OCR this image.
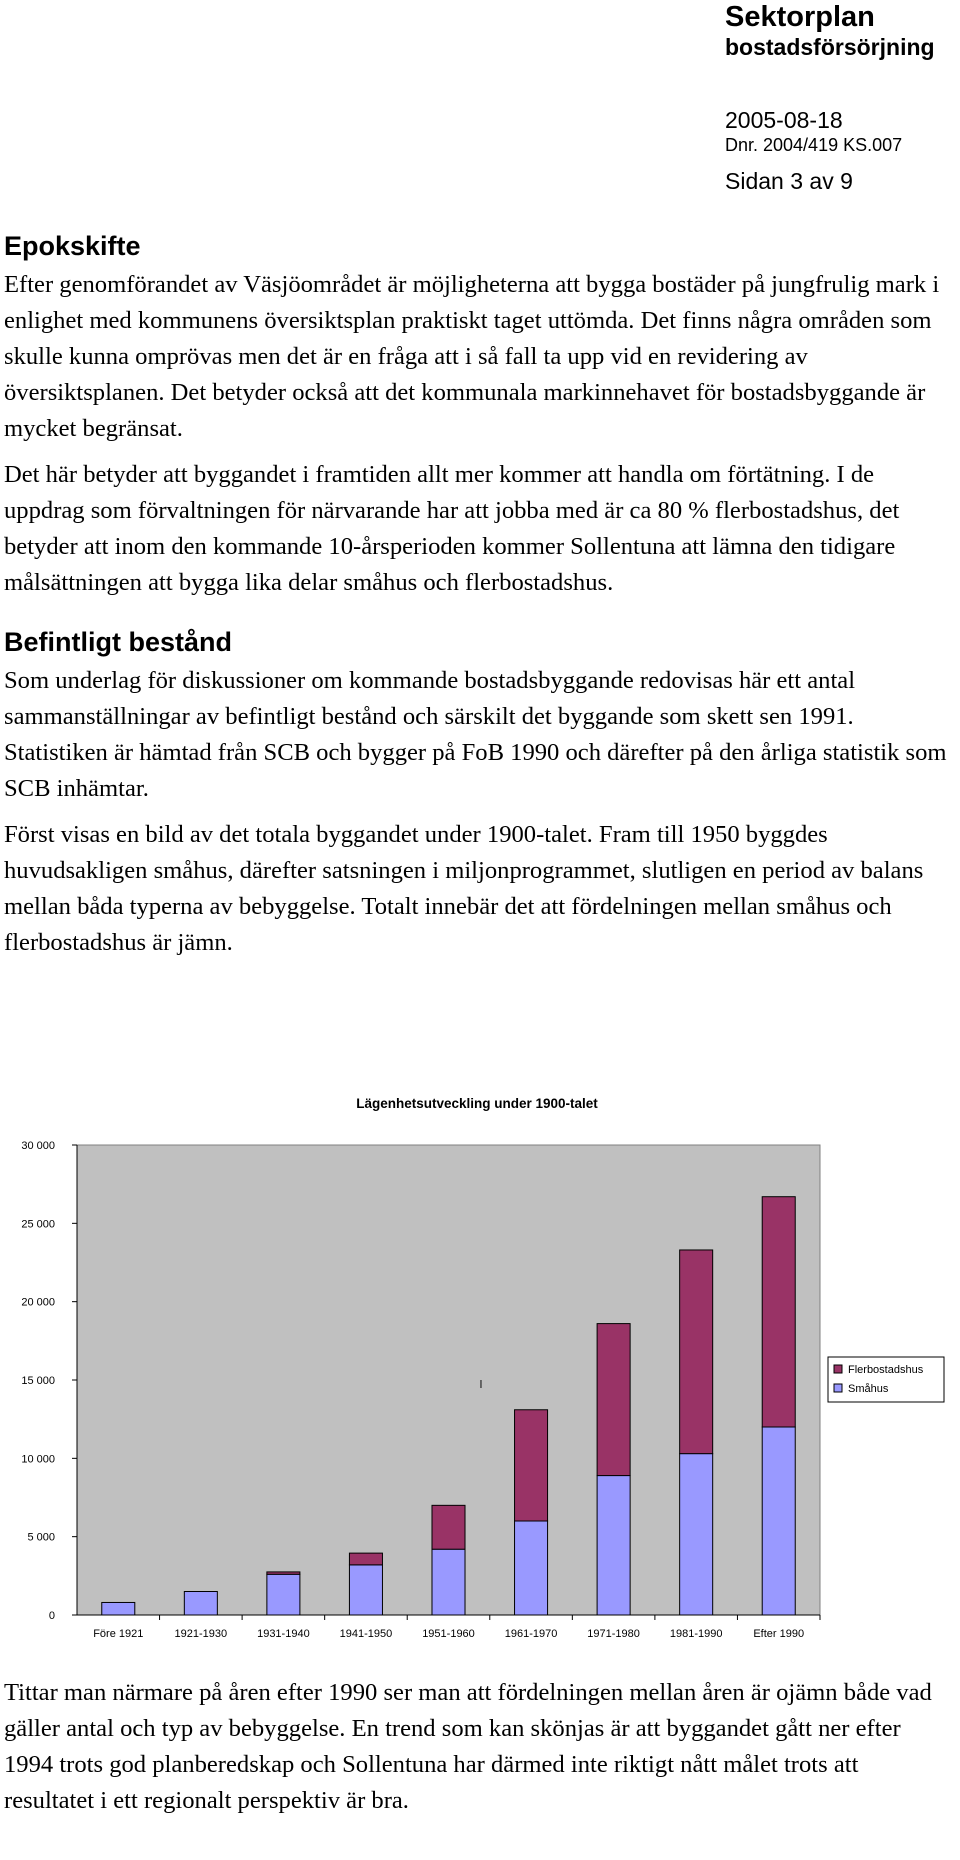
Sektorplan
bostadsförsörjning
2005-08-18
Dnr. 2004/419 KS.007
Sidan 3 av 9
Epokskifte

Efter genomförandet av Väsjöområdet är möjligheterna att bygga bostäder på jungfrulig mark i enlighet med kommunens översiktsplan praktiskt taget uttömda. Det finns några områden som skulle kunna omprövas men det är en fråga att i så fall ta upp vid en revidering av översiktsplanen. Det betyder också att det kommunala markinnehavet för bostadsbyggande är mycket begränsat.

Det här betyder att byggandet i framtiden allt mer kommer att handla om förtätning. I de uppdrag som förvaltningen för närvarande har att jobba med är ca 80 % flerbostadshus, det betyder att inom den kommande 10-årsperioden kommer Sollentuna att lämna den tidigare målsättningen att bygga lika delar småhus och flerbostadshus.

Befintligt bestånd

Som underlag för diskussioner om kommande bostadsbyggande redovisas här ett antal sammanställningar av befintligt bestånd och särskilt det byggande som skett sen 1991. Statistiken är hämtad från SCB och bygger på FoB 1990 och därefter på den årliga statistik som SCB inhämtar.

Först visas en bild av det totala byggandet under 1900-talet. Fram till 1950 byggdes huvudsakligen småhus, därefter satsningen i miljonprogrammet, slutligen en period av balans mellan båda typerna av bebyggelse. Totalt innebär det att fördelningen mellan småhus och flerbostadshus är jämn.

Lägenhetsutveckling under 1900-talet
0
5 000
10 000
15 000
20 000
25 000
30 000
Före 1921	1921-1930	1931-1940	1941-1950	1951-1960	1961-1970	1971-1980	1981-1990	Efter 1990
l
Flerbostadshus
Småhus

Tittar man närmare på åren efter 1990 ser man att fördelningen mellan åren är ojämn både vad gäller antal och typ av bebyggelse. En trend som kan skönjas är att byggandet gått ner efter 1994 trots god planberedskap och Sollentuna har därmed inte riktigt nått målet trots att resultatet i ett regionalt perspektiv är bra.
